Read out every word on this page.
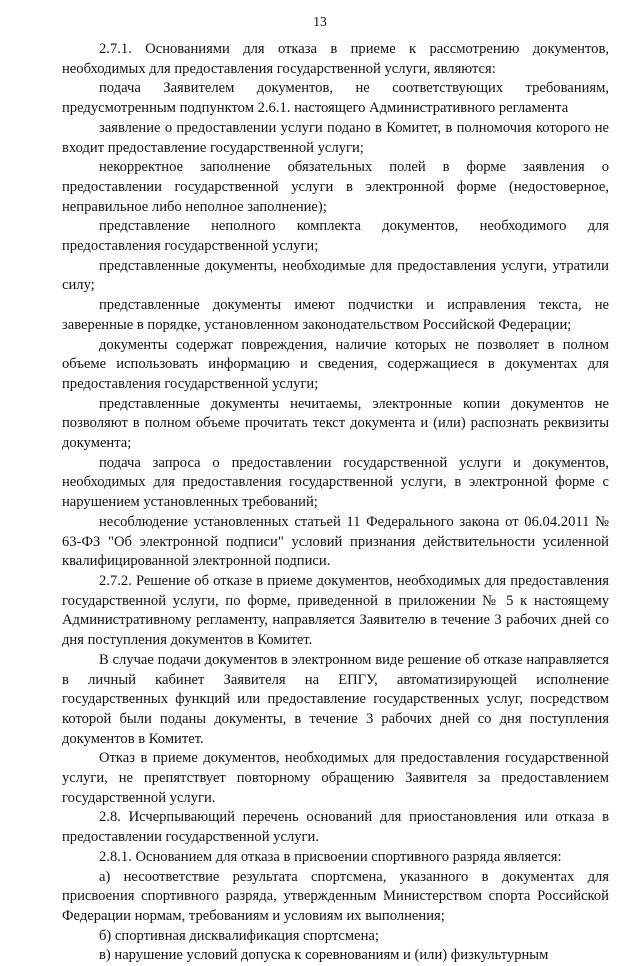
13

2.7.1. Основаниями для отказа в приеме к рассмотрению документов, необходимых для предоставления государственной услуги, являются:

подача Заявителем документов, не соответствующих требованиям, предусмотренным подпунктом 2.6.1. настоящего Административного регламента

заявление о предоставлении услуги подано в Комитет, в полномочия которого не входит предоставление государственной услуги;

некорректное заполнение обязательных полей в форме заявления о предоставлении государственной услуги в электронной форме (недостоверное, неправильное либо неполное заполнение);

представление неполного комплекта документов, необходимого для предоставления государственной услуги;

представленные документы, необходимые для предоставления услуги, утратили силу;

представленные документы имеют подчистки и исправления текста, не заверенные в порядке, установленном законодательством Российской Федерации;

документы содержат повреждения, наличие которых не позволяет в полном объеме использовать информацию и сведения, содержащиеся в документах для предоставления государственной услуги;

представленные документы нечитаемы, электронные копии документов не позволяют в полном объеме прочитать текст документа и (или) распознать реквизиты документа;

подача запроса о предоставлении государственной услуги и документов, необходимых для предоставления государственной услуги, в электронной форме с нарушением установленных требований;

несоблюдение установленных статьей 11 Федерального закона от 06.04.2011 № 63-ФЗ "Об электронной подписи" условий признания действительности усиленной квалифицированной электронной подписи.

2.7.2. Решение об отказе в приеме документов, необходимых для предоставления государственной услуги, по форме, приведенной в приложении № 5 к настоящему Административному регламенту, направляется Заявителю в течение 3 рабочих дней со дня поступления документов в Комитет.

В случае подачи документов в электронном виде решение об отказе направляется в личный кабинет Заявителя на ЕПГУ, автоматизирующей исполнение государственных функций или предоставление государственных услуг, посредством которой были поданы документы, в течение 3 рабочих дней со дня поступления документов в Комитет.

Отказ в приеме документов, необходимых для предоставления государственной услуги, не препятствует повторному обращению Заявителя за предоставлением государственной услуги.

2.8. Исчерпывающий перечень оснований для приостановления или отказа в предоставлении государственной услуги.

2.8.1. Основанием для отказа в присвоении спортивного разряда является:

а) несоответствие результата спортсмена, указанного в документах для присвоения спортивного разряда, утвержденным Министерством спорта Российской Федерации нормам, требованиям и условиям их выполнения;

б) спортивная дисквалификация спортсмена;

в) нарушение условий допуска к соревнованиям и (или) физкультурным
